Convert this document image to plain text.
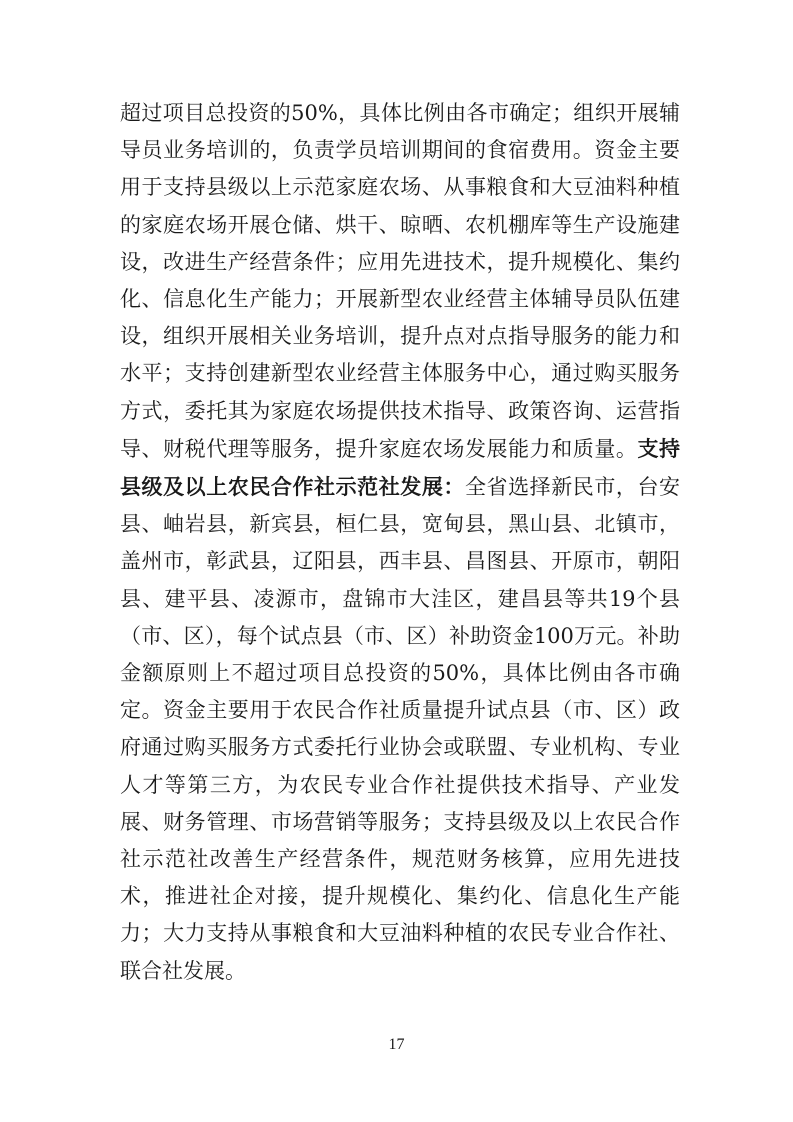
超过项目总投资的50%，具体比例由各市确定；组织开展辅导员业务培训的，负责学员培训期间的食宿费用。资金主要用于支持县级以上示范家庭农场、从事粮食和大豆油料种植的家庭农场开展仓储、烘干、晾晒、农机棚库等生产设施建设，改进生产经营条件；应用先进技术，提升规模化、集约化、信息化生产能力；开展新型农业经营主体辅导员队伍建设，组织开展相关业务培训，提升点对点指导服务的能力和水平；支持创建新型农业经营主体服务中心，通过购买服务方式，委托其为家庭农场提供技术指导、政策咨询、运营指导、财税代理等服务，提升家庭农场发展能力和质量。支持县级及以上农民合作社示范社发展：全省选择新民市，台安县、岫岩县，新宾县，桓仁县，宽甸县，黑山县、北镇市，盖州市，彰武县，辽阳县，西丰县、昌图县、开原市，朝阳县、建平县、凌源市，盘锦市大洼区，建昌县等共19个县（市、区），每个试点县（市、区）补助资金100万元。补助金额原则上不超过项目总投资的50%，具体比例由各市确定。资金主要用于农民合作社质量提升试点县（市、区）政府通过购买服务方式委托行业协会或联盟、专业机构、专业人才等第三方，为农民专业合作社提供技术指导、产业发展、财务管理、市场营销等服务；支持县级及以上农民合作社示范社改善生产经营条件，规范财务核算，应用先进技术，推进社企对接，提升规模化、集约化、信息化生产能力；大力支持从事粮食和大豆油料种植的农民专业合作社、联合社发展。

17
